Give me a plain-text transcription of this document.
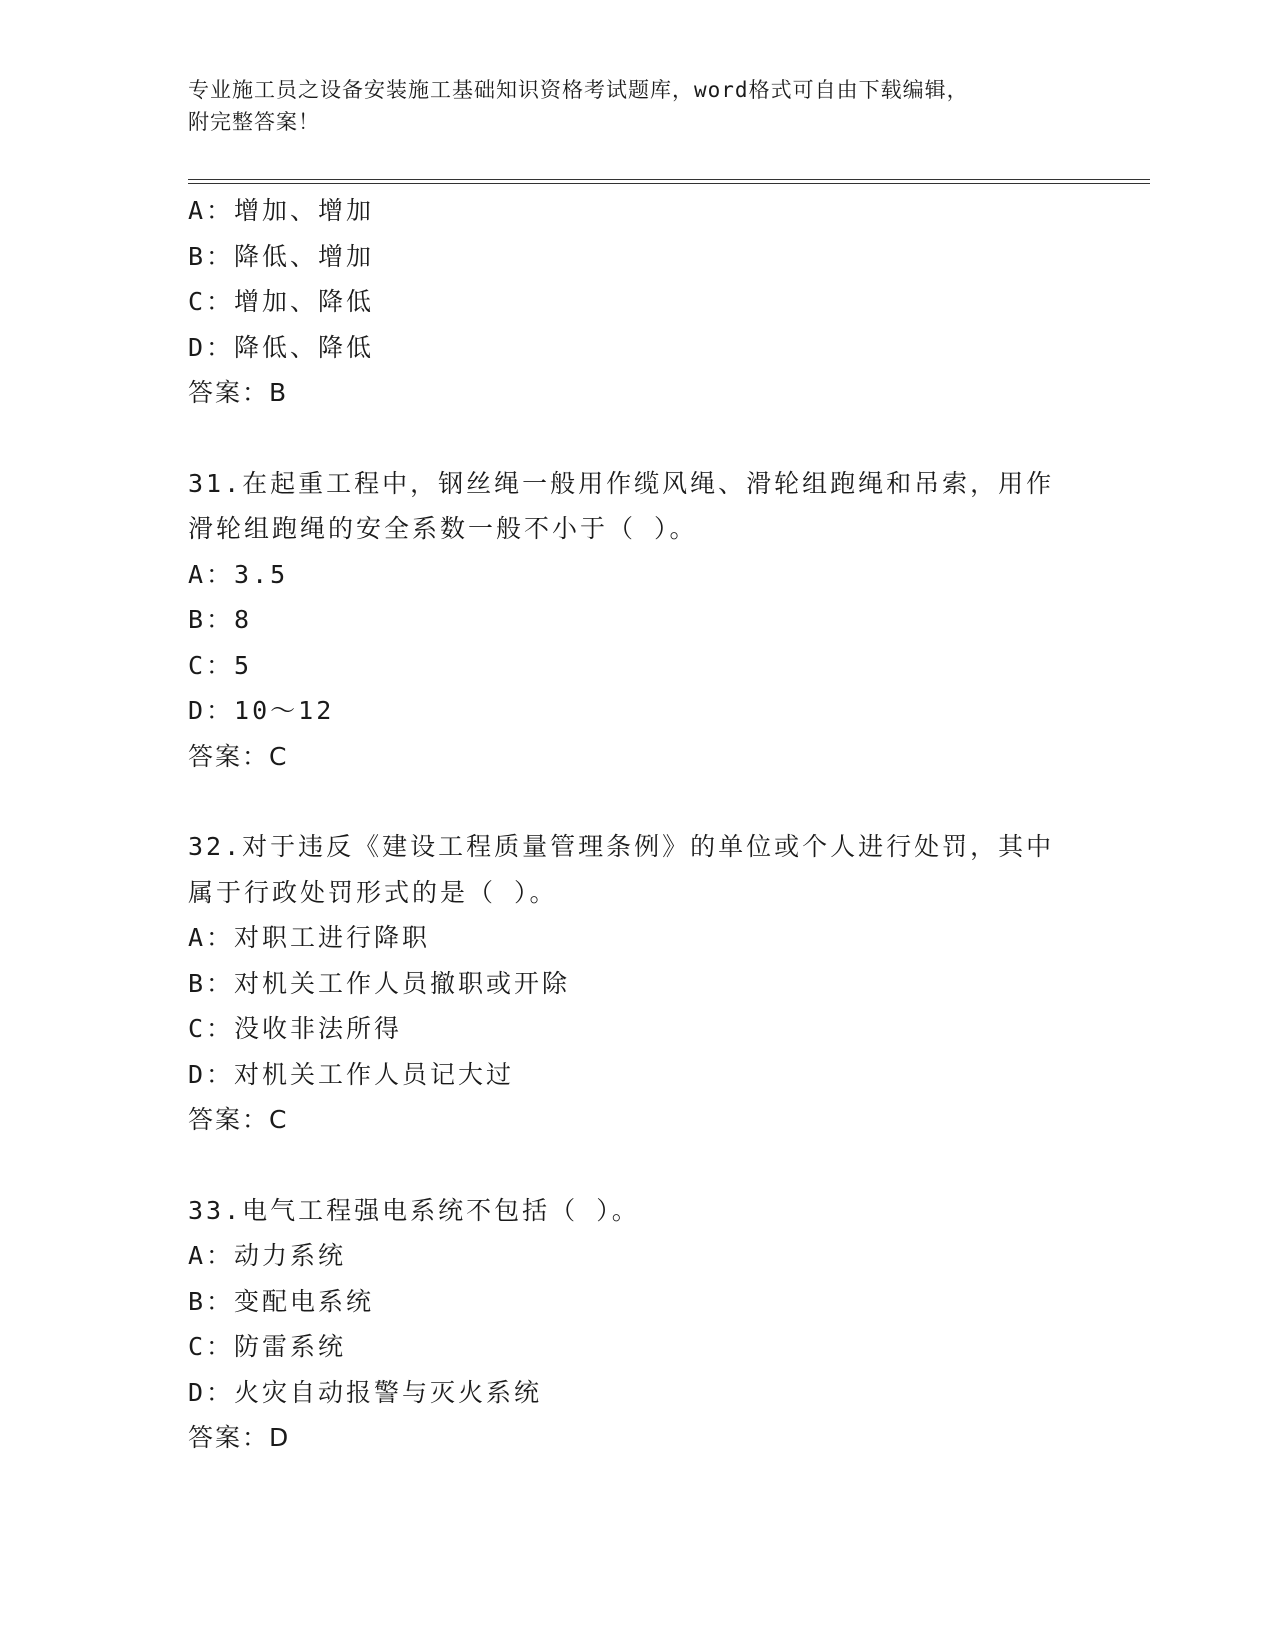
专业施工员之设备安装施工基础知识资格考试题库，word格式可自由下载编辑，
附完整答案！
A：增加、增加
B：降低、增加
C：增加、降低
D：降低、降低
答案：B
31.在起重工程中，钢丝绳一般用作缆风绳、滑轮组跑绳和吊索，用作
滑轮组跑绳的安全系数一般不小于（ ）。
A：3.5
B：8
C：5
D：10～12
答案：C
32.对于违反《建设工程质量管理条例》的单位或个人进行处罚，其中
属于行政处罚形式的是（ ）。
A：对职工进行降职
B：对机关工作人员撤职或开除
C：没收非法所得
D：对机关工作人员记大过
答案：C
33.电气工程强电系统不包括（ ）。
A：动力系统
B：变配电系统
C：防雷系统
D：火灾自动报警与灭火系统
答案：D
